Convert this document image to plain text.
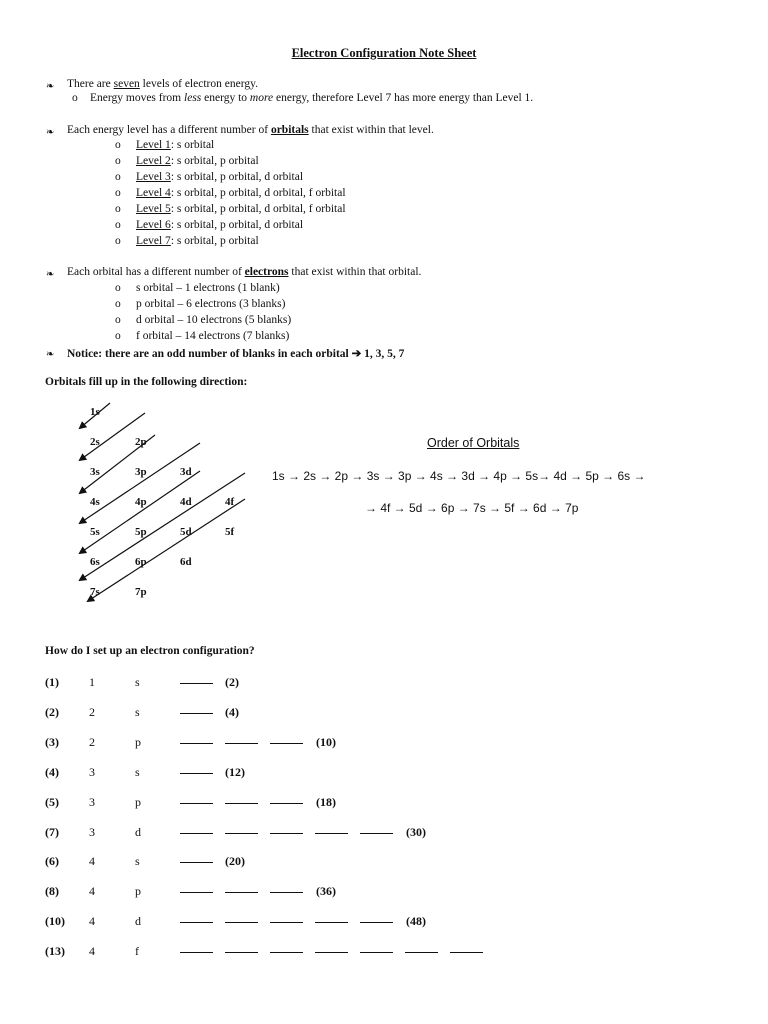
Electron Configuration Note Sheet
❧ There are seven levels of electron energy.
o Energy moves from less energy to more energy, therefore Level 7 has more energy than Level 1.
❧ Each energy level has a different number of orbitals that exist within that level.
o Level 1: s orbital
o Level 2: s orbital, p orbital
o Level 3: s orbital, p orbital, d orbital
o Level 4: s orbital, p orbital, d orbital, f orbital
o Level 5: s orbital, p orbital, d orbital, f orbital
o Level 6: s orbital, p orbital, d orbital
o Level 7: s orbital, p orbital
❧ Each orbital has a different number of electrons that exist within that orbital.
o s orbital – 1 electrons (1 blank)
o p orbital – 6 electrons (3 blanks)
o d orbital – 10 electrons (5 blanks)
o f orbital – 14 electrons (7 blanks)
❧ Notice: there are an odd number of blanks in each orbital ➔ 1, 3, 5, 7
Orbitals fill up in the following direction:
1s
2s	2p
3s	3p	3d
4s	4p	4d	4f
5s	5p	5d	5f
6s	6p	6d
7s	7p
Order of Orbitals
1s → 2s → 2p → 3s → 3p → 4s → 3d → 4p → 5s→ 4d → 5p → 6s →
→ 4f → 5d → 6p → 7s → 5f → 6d → 7p
How do I set up an electron configuration?
(1)	1	s	(2)
(2)	2	s	(4)
(3)	2	p	(10)
(4)	3	s	(12)
(5)	3	p	(18)
(7)	3	d	(30)
(6)	4	s	(20)
(8)	4	p	(36)
(10) 4	d	(48)
(13) 4	f
